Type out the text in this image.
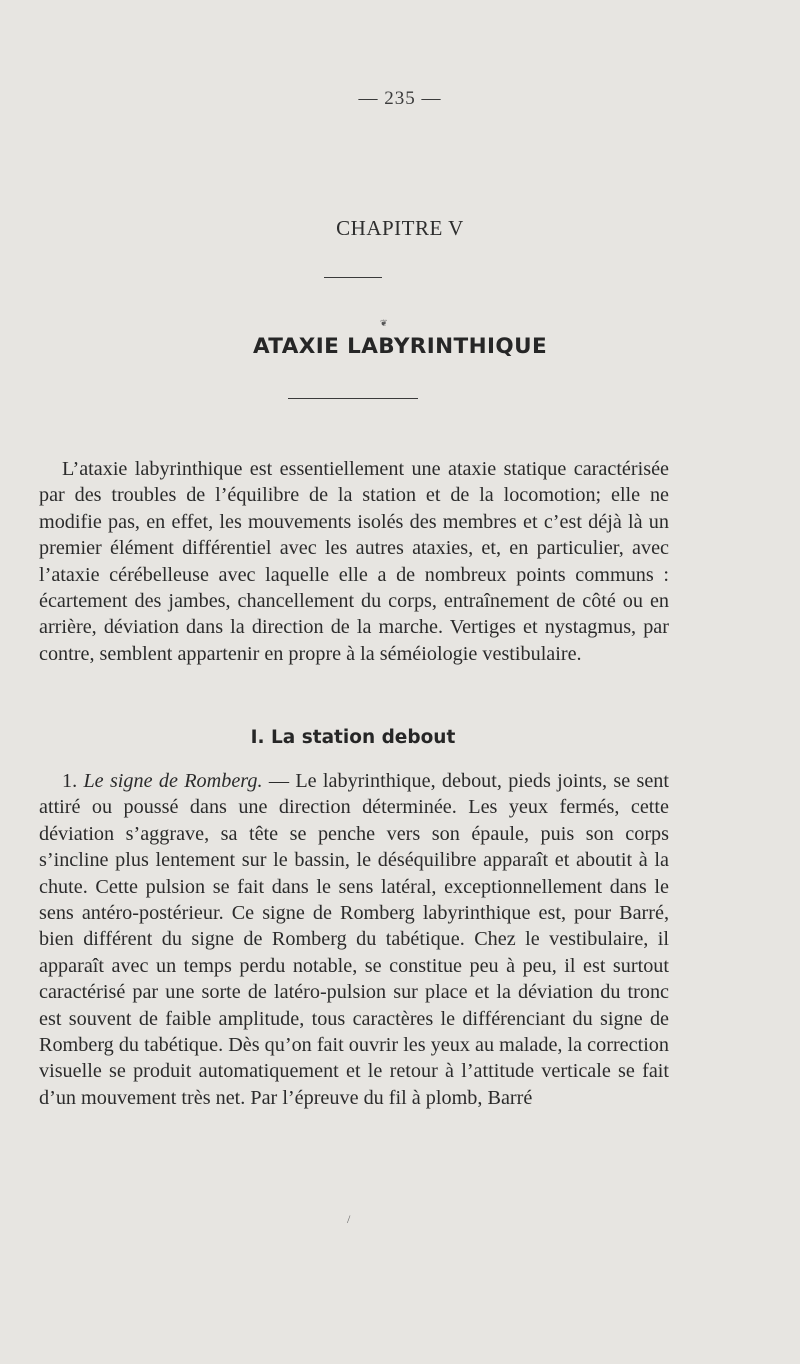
— 235 —
CHAPITRE V
❦
ATAXIE LABYRINTHIQUE
L’ataxie labyrinthique est essentiellement une ataxie statique caractérisée par des troubles de l’équilibre de la station et de la locomotion; elle ne modifie pas, en effet, les mouvements isolés des membres et c’est déjà là un premier élément différentiel avec les autres ataxies, et, en particulier, avec l’ataxie cérébelleuse avec laquelle elle a de nombreux points communs : écartement des jambes, chancellement du corps, entraînement de côté ou en arrière, déviation dans la direction de la marche. Vertiges et nystagmus, par contre, semblent appartenir en propre à la séméiologie vestibulaire.
I. La station debout
1. Le signe de Romberg. — Le labyrinthique, debout, pieds joints, se sent attiré ou poussé dans une direction déterminée. Les yeux fermés, cette déviation s’aggrave, sa tête se penche vers son épaule, puis son corps s’incline plus lentement sur le bassin, le déséquilibre apparaît et aboutit à la chute. Cette pulsion se fait dans le sens latéral, exceptionnellement dans le sens antéro-postérieur. Ce signe de Romberg labyrinthique est, pour Barré, bien différent du signe de Romberg du tabétique. Chez le vestibulaire, il apparaît avec un temps perdu notable, se constitue peu à peu, il est surtout caractérisé par une sorte de latéro-pulsion sur place et la déviation du tronc est souvent de faible amplitude, tous caractères le différenciant du signe de Romberg du tabétique. Dès qu’on fait ouvrir les yeux au malade, la correction visuelle se produit automatiquement et le retour à l’attitude verticale se fait d’un mouvement très net. Par l’épreuve du fil à plomb, Barré
/
